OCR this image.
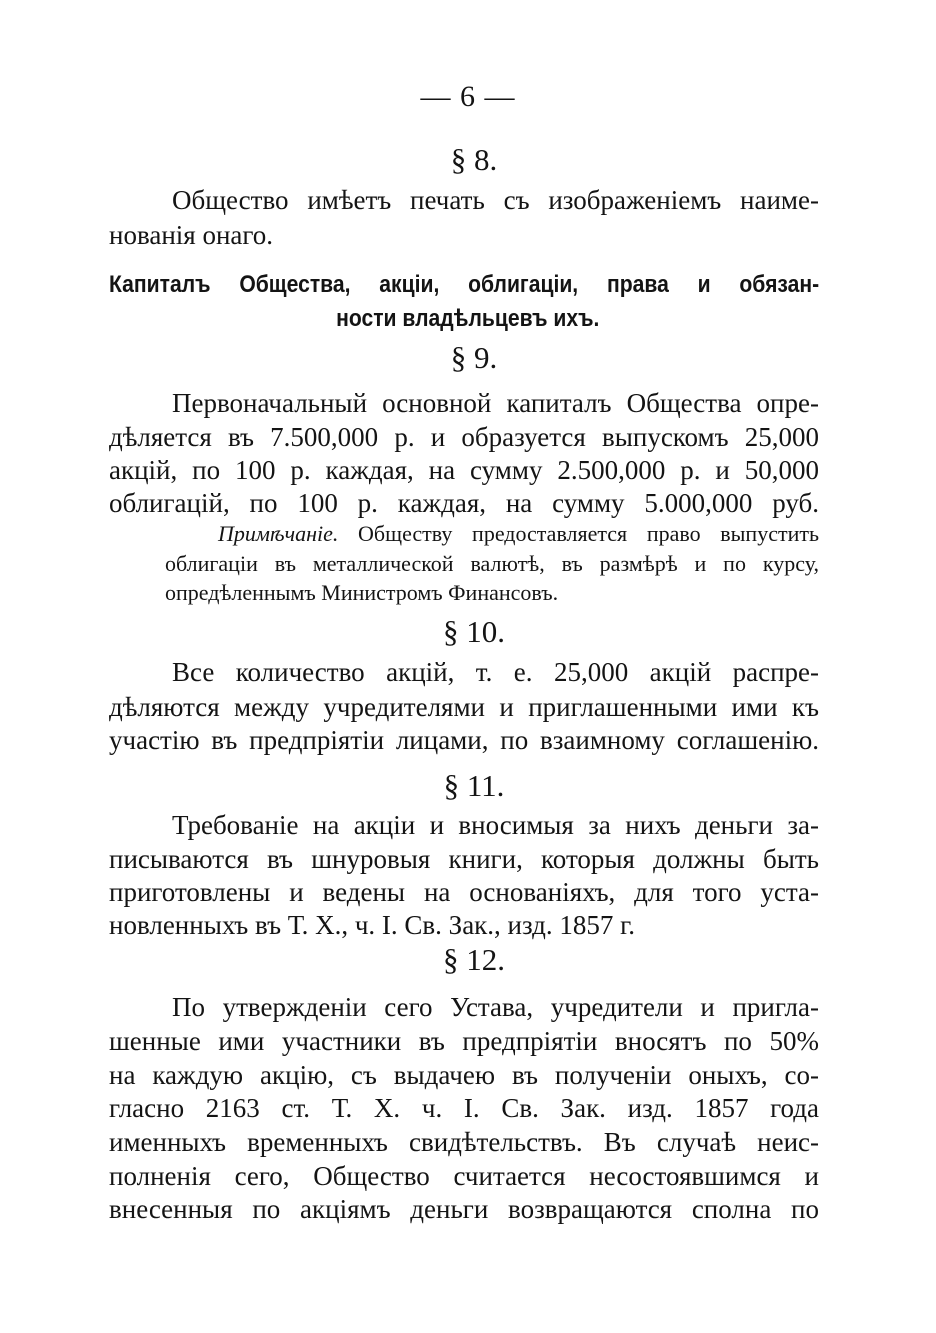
— 6 —
§ 8.
Общество имѣетъ печать съ изображеніемъ наиме-
нованія онаго.
Капиталъ Общества, акціи, облигаціи, права и обязан-
ности владѣльцевъ ихъ.
§ 9.
Первоначальный основной капиталъ Общества опре-
дѣляется въ 7.500,000 р. и образуется выпускомъ 25,000
акцій, по 100 р. каждая, на сумму 2.500,000 р. и 50,000
облигацій, по 100 р. каждая, на сумму 5.000,000 руб.
Примѣчаніе. Обществу предоставляется право выпустить
облигаціи въ металлической валютѣ, въ размѣрѣ и по курсу,
опредѣленнымъ Министромъ Финансовъ.
§ 10.
Все количество акцій, т. е. 25,000 акцій распре-
дѣляются между учредителями и приглашенными ими къ
участію въ предпріятіи лицами, по взаимному соглашенію.
§ 11.
Требованіе на акціи и вносимыя за нихъ деньги за-
писываются въ шнуровыя книги, которыя должны быть
приготовлены и ведены на основаніяхъ, для того уста-
новленныхъ въ Т. X., ч. I. Св. Зак., изд. 1857 г.
§ 12.
По утвержденіи сего Устава, учредители и пригла-
шенные ими участники въ предпріятіи вносятъ по 50%
на каждую акцію, съ выдачею въ полученіи оныхъ, со-
гласно 2163 ст. Т. X. ч. I. Св. Зак. изд. 1857 года
именныхъ временныхъ свидѣтельствъ. Въ случаѣ неис-
полненія сего, Общество считается несостоявшимся и
внесенныя по акціямъ деньги возвращаются сполна по
